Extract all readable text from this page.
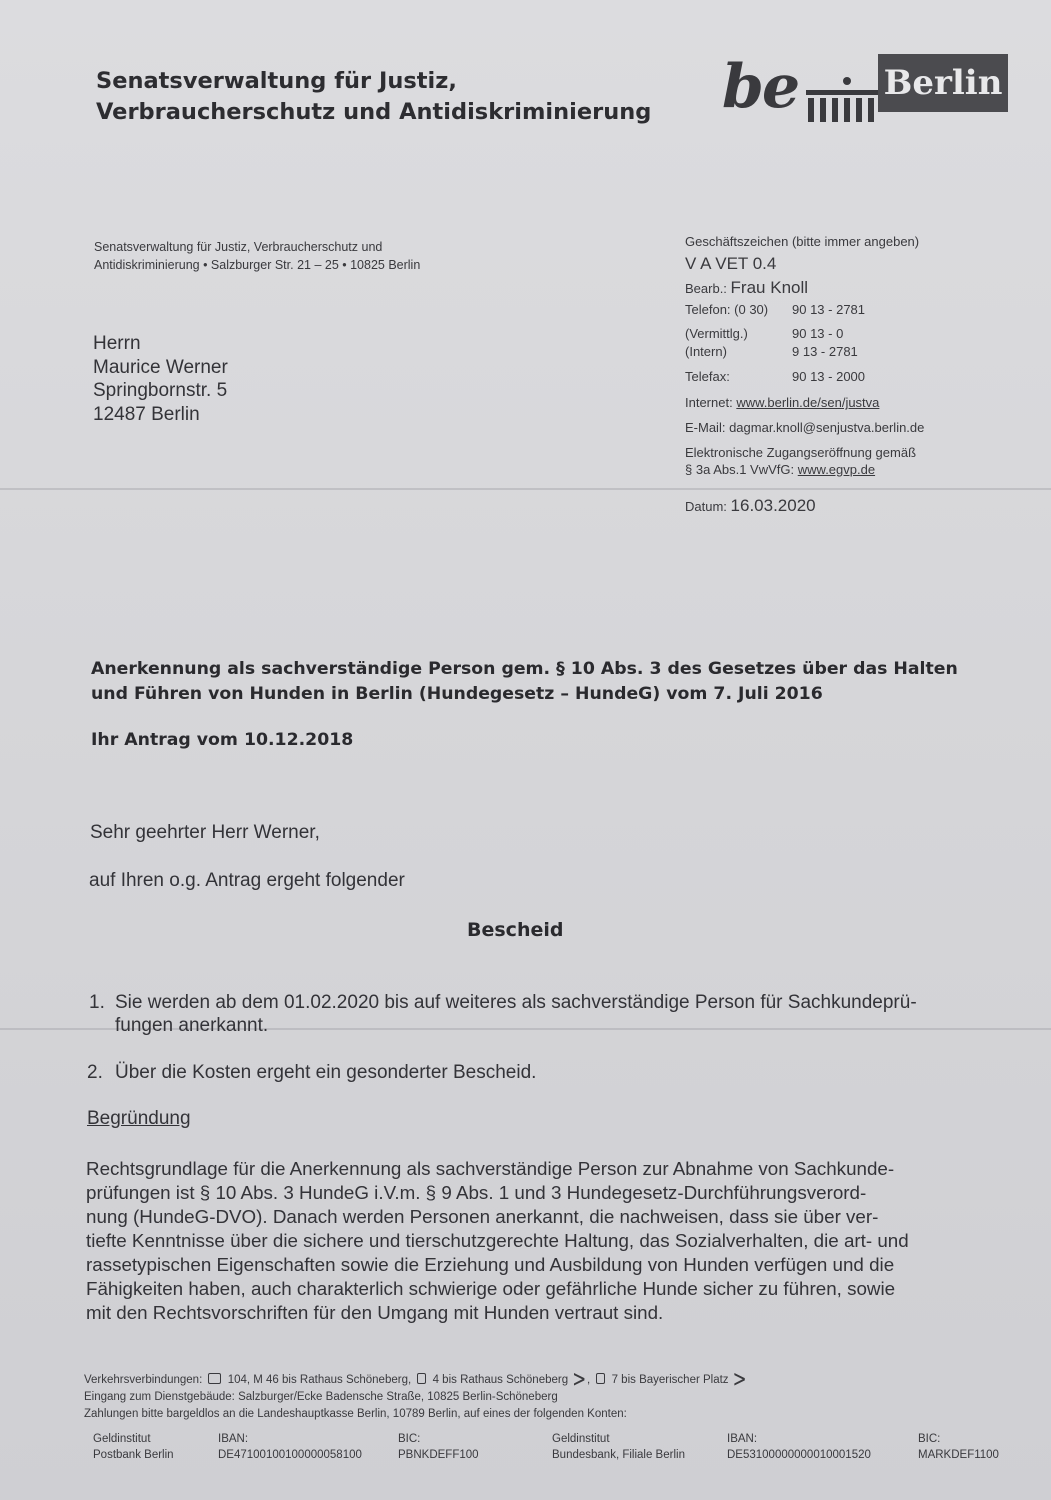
Senatsverwaltung für Justiz,
Verbraucherschutz und Antidiskriminierung be	Berlin
Senatsverwaltung für Justiz, Verbraucherschutz und
Antidiskriminierung • Salzburger Str. 21 – 25 • 10825 Berlin
Herrn
Maurice Werner
Springbornstr. 5
12487 Berlin
Geschäftszeichen (bitte immer angeben)
V A VET 0.4
Bearb.: Frau Knoll
Telefon: (0 30) 90 13 - 2781
(Vermittlg.)	90 13 - 0
(Intern)	9 13 - 2781
Telefax:	90 13 - 2000
Internet: www.berlin.de/sen/justva
E-Mail: dagmar.knoll@senjustva.berlin.de
Elektronische Zugangseröffnung gemäß
§ 3a Abs.1 VwVfG: www.egvp.de
Datum: 16.03.2020
Anerkennung als sachverständige Person gem. § 10 Abs. 3 des Gesetzes über das Halten
und Führen von Hunden in Berlin (Hundegesetz – HundeG) vom 7. Juli 2016
Ihr Antrag vom 10.12.2018
Sehr geehrter Herr Werner,
auf Ihren o.g. Antrag ergeht folgender
Bescheid
1. Sie werden ab dem 01.02.2020 bis auf weiteres als sachverständige Person für Sachkundeprü-
fungen anerkannt.
2. Über die Kosten ergeht ein gesonderter Bescheid.
Begründung
Rechtsgrundlage für die Anerkennung als sachverständige Person zur Abnahme von Sachkunde-
prüfungen ist § 10 Abs. 3 HundeG i.V.m. § 9 Abs. 1 und 3 Hundegesetz-Durchführungsverord-
nung (HundeG-DVO). Danach werden Personen anerkannt, die nachweisen, dass sie über ver-
tiefte Kenntnisse über die sichere und tierschutzgerechte Haltung, das Sozialverhalten, die art- und
rassetypischen Eigenschaften sowie die Erziehung und Ausbildung von Hunden verfügen und die
Fähigkeiten haben, auch charakterlich schwierige oder gefährliche Hunde sicher zu führen, sowie
mit den Rechtsvorschriften für den Umgang mit Hunden vertraut sind.
Verkehrsverbindungen: 104, M 46 bis Rathaus Schöneberg, 4 bis Rathaus Schöneberg ᐳ ,  7 bis Bayerischer Platz ᐳ
Eingang zum Dienstgebäude: Salzburger/Ecke Badensche Straße, 10825 Berlin-Schöneberg
Zahlungen bitte bargeldlos an die Landeshauptkasse Berlin, 10789 Berlin, auf eines der folgenden Konten:
Geldinstitut
Postbank Berlin
IBAN:
DE47100100100000058100
BIC:
PBNKDEFF100
Geldinstitut
Bundesbank, Filiale Berlin
IBAN:
DE53100000000010001520
BIC:
MARKDEF1100
